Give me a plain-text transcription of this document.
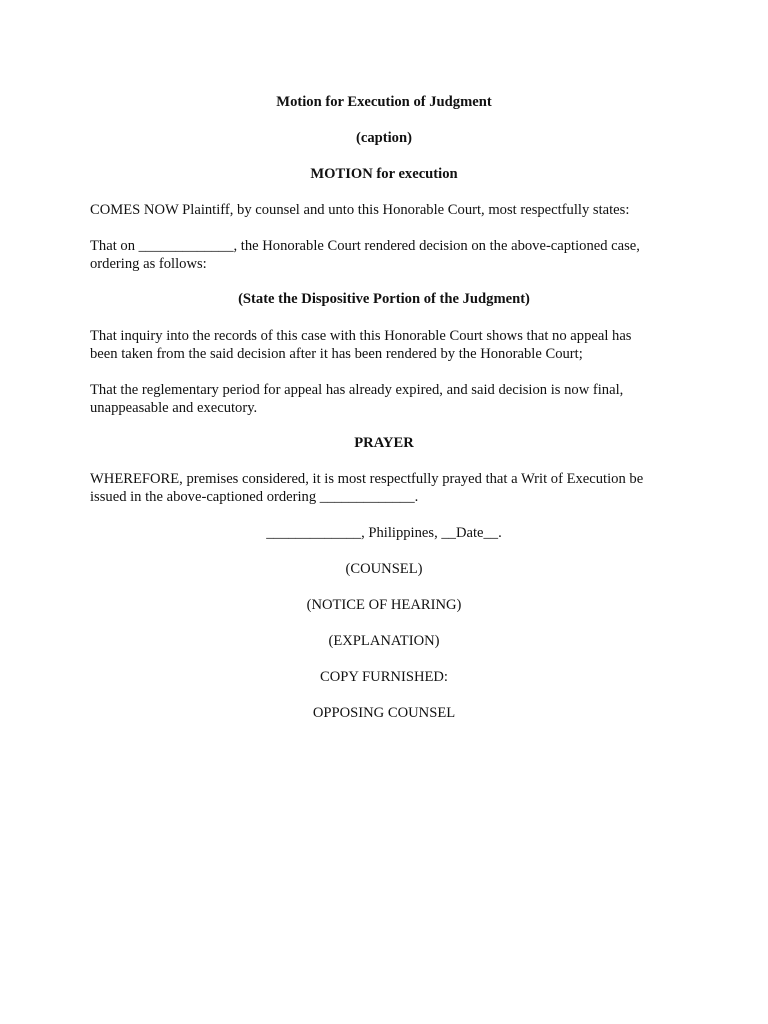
Motion for Execution of Judgment

(caption)

MOTION for execution

COMES NOW Plaintiff, by counsel and unto this Honorable Court, most respectfully states:

That on _____________, the Honorable Court rendered decision on the above-captioned case,
ordering as follows:

(State the Dispositive Portion of the Judgment)

That inquiry into the records of this case with this Honorable Court shows that no appeal has
been taken from the said decision after it has been rendered by the Honorable Court;

That the reglementary period for appeal has already expired, and said decision is now final,
unappeasable and executory.

PRAYER

WHEREFORE, premises considered, it is most respectfully prayed that a Writ of Execution be
issued in the above-captioned ordering _____________.

_____________, Philippines, __Date__.

(COUNSEL)

(NOTICE OF HEARING)

(EXPLANATION)

COPY FURNISHED:

OPPOSING COUNSEL
